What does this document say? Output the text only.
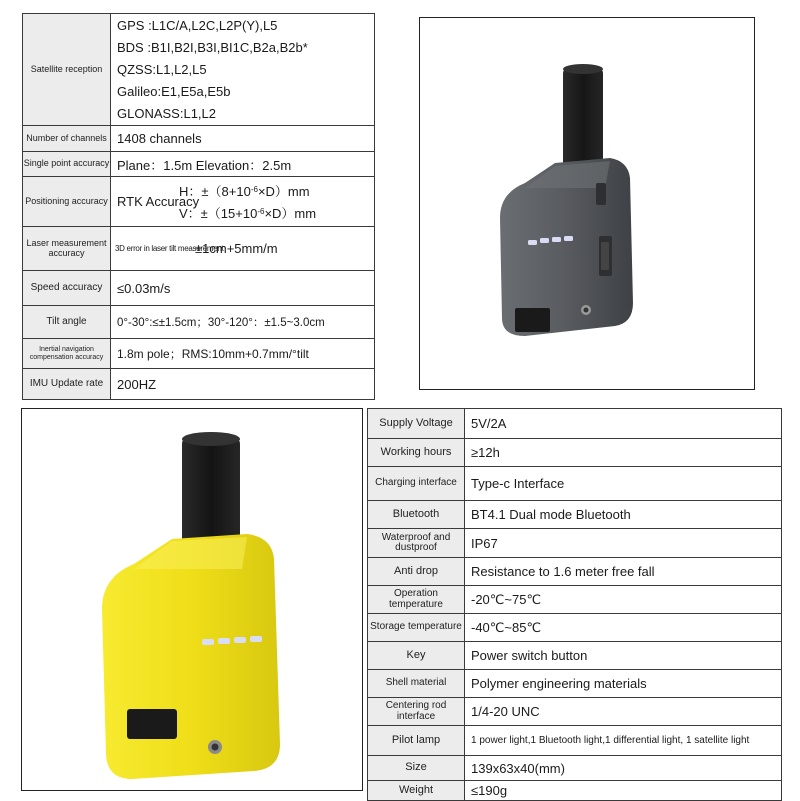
Satellite reception	GPS :L1C/A,L2C,L2P(Y),L5
BDS :B1I,B2I,B3I,BI1C,B2a,B2b*
QZSS:L1,L2,L5
Galileo:E1,E5a,E5b
GLONASS:L1,L2

Number of channels	1408 channels
Single point accuracy	Plane：1.5m Elevation：2.5m
Positioning accuracy	RTK Accuracy
H：$\pm(8+10^{-6}\times D)mm$
V：$\pm(15+10^{-6}\times D)mm$

Laser measurement accuracy	3D error in laser tilt measurement
±1cm+5mm/m

Speed accuracy	≤0.03m/s
Tilt angle	0°-30°:≤±1.5cm；30°-120°：±1.5~3.0cm
Inertial navigation compensation accuracy	1.8m pole；RMS:10mm+0.7mm/°tilt
IMU Update rate	200HZ
Supply Voltage	5V/2A
Working hours	≥12h
Charging interface	Type-c Interface
Bluetooth	BT4.1 Dual mode Bluetooth
Waterproof and dustproof	IP67
Anti drop	Resistance to 1.6 meter free fall
Operation temperature	-20℃~75℃
Storage temperature	-40℃~85℃
Key	Power switch button
Shell material	Polymer engineering materials
Centering rod interface	1/4-20 UNC
Pilot lamp	1 power light,1 Bluetooth light,1 differential light, 1 satellite light
Size	139x63x40(mm)
Weight	≤190g
